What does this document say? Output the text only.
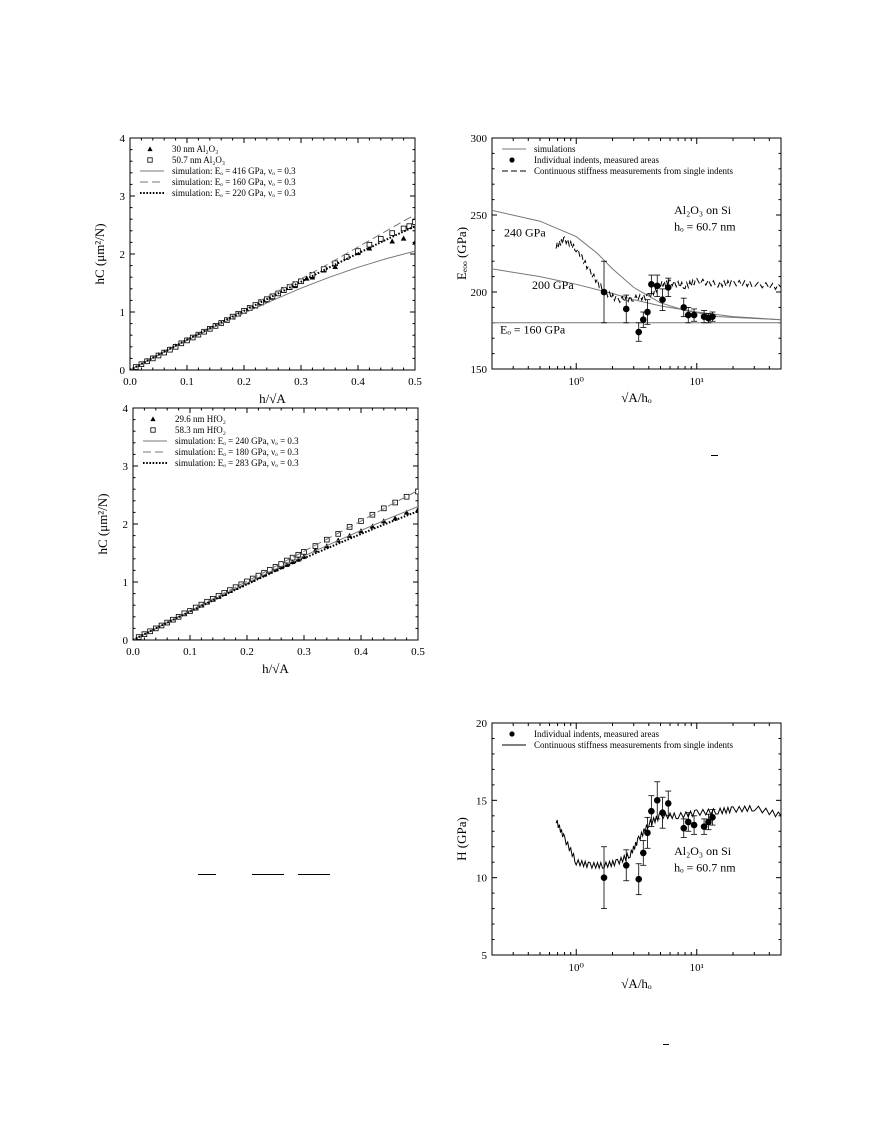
0
1
2
3
4
0.0	0.1	0.2	0.3	0.4	0.5
h/√A
hC (μm²/N)
30 nm Al₂O₃
50.7 nm Al₂O₃
simulation: Eₒ = 416 GPa, νₒ = 0.3
simulation: Eₒ = 160 GPa, νₒ = 0.3
simulation: Eₒ = 220 GPa, νₒ = 0.3
150
200
250
300
10⁰	10¹
√A/hₒ
Eₑₒₒ (GPa)
simulations
Individual indents, measured areas
Continuous stiffness measurements from single indents
Al₂O₃ on Si
hₒ = 60.7 nm
240 GPa
200 GPa
Eₒ = 160 GPa
0
1
2
3
4
0.0	0.1	0.2	0.3	0.4	0.5
h/√A
hC (μm²/N)
29.6 nm HfO₂
58.3 nm HfO₂
simulation: Eₒ = 240 GPa, νₒ = 0.3
simulation: Eₒ = 180 GPa, νₒ = 0.3
simulation: Eₒ = 283 GPa, νₒ = 0.3
5
10
15
20
10⁰	10¹
√A/hₒ
H (GPa)
Individual indents, measured areas
Continuous stiffness measurements from single indents
Al₂O₃ on Si
hₒ = 60.7 nm
